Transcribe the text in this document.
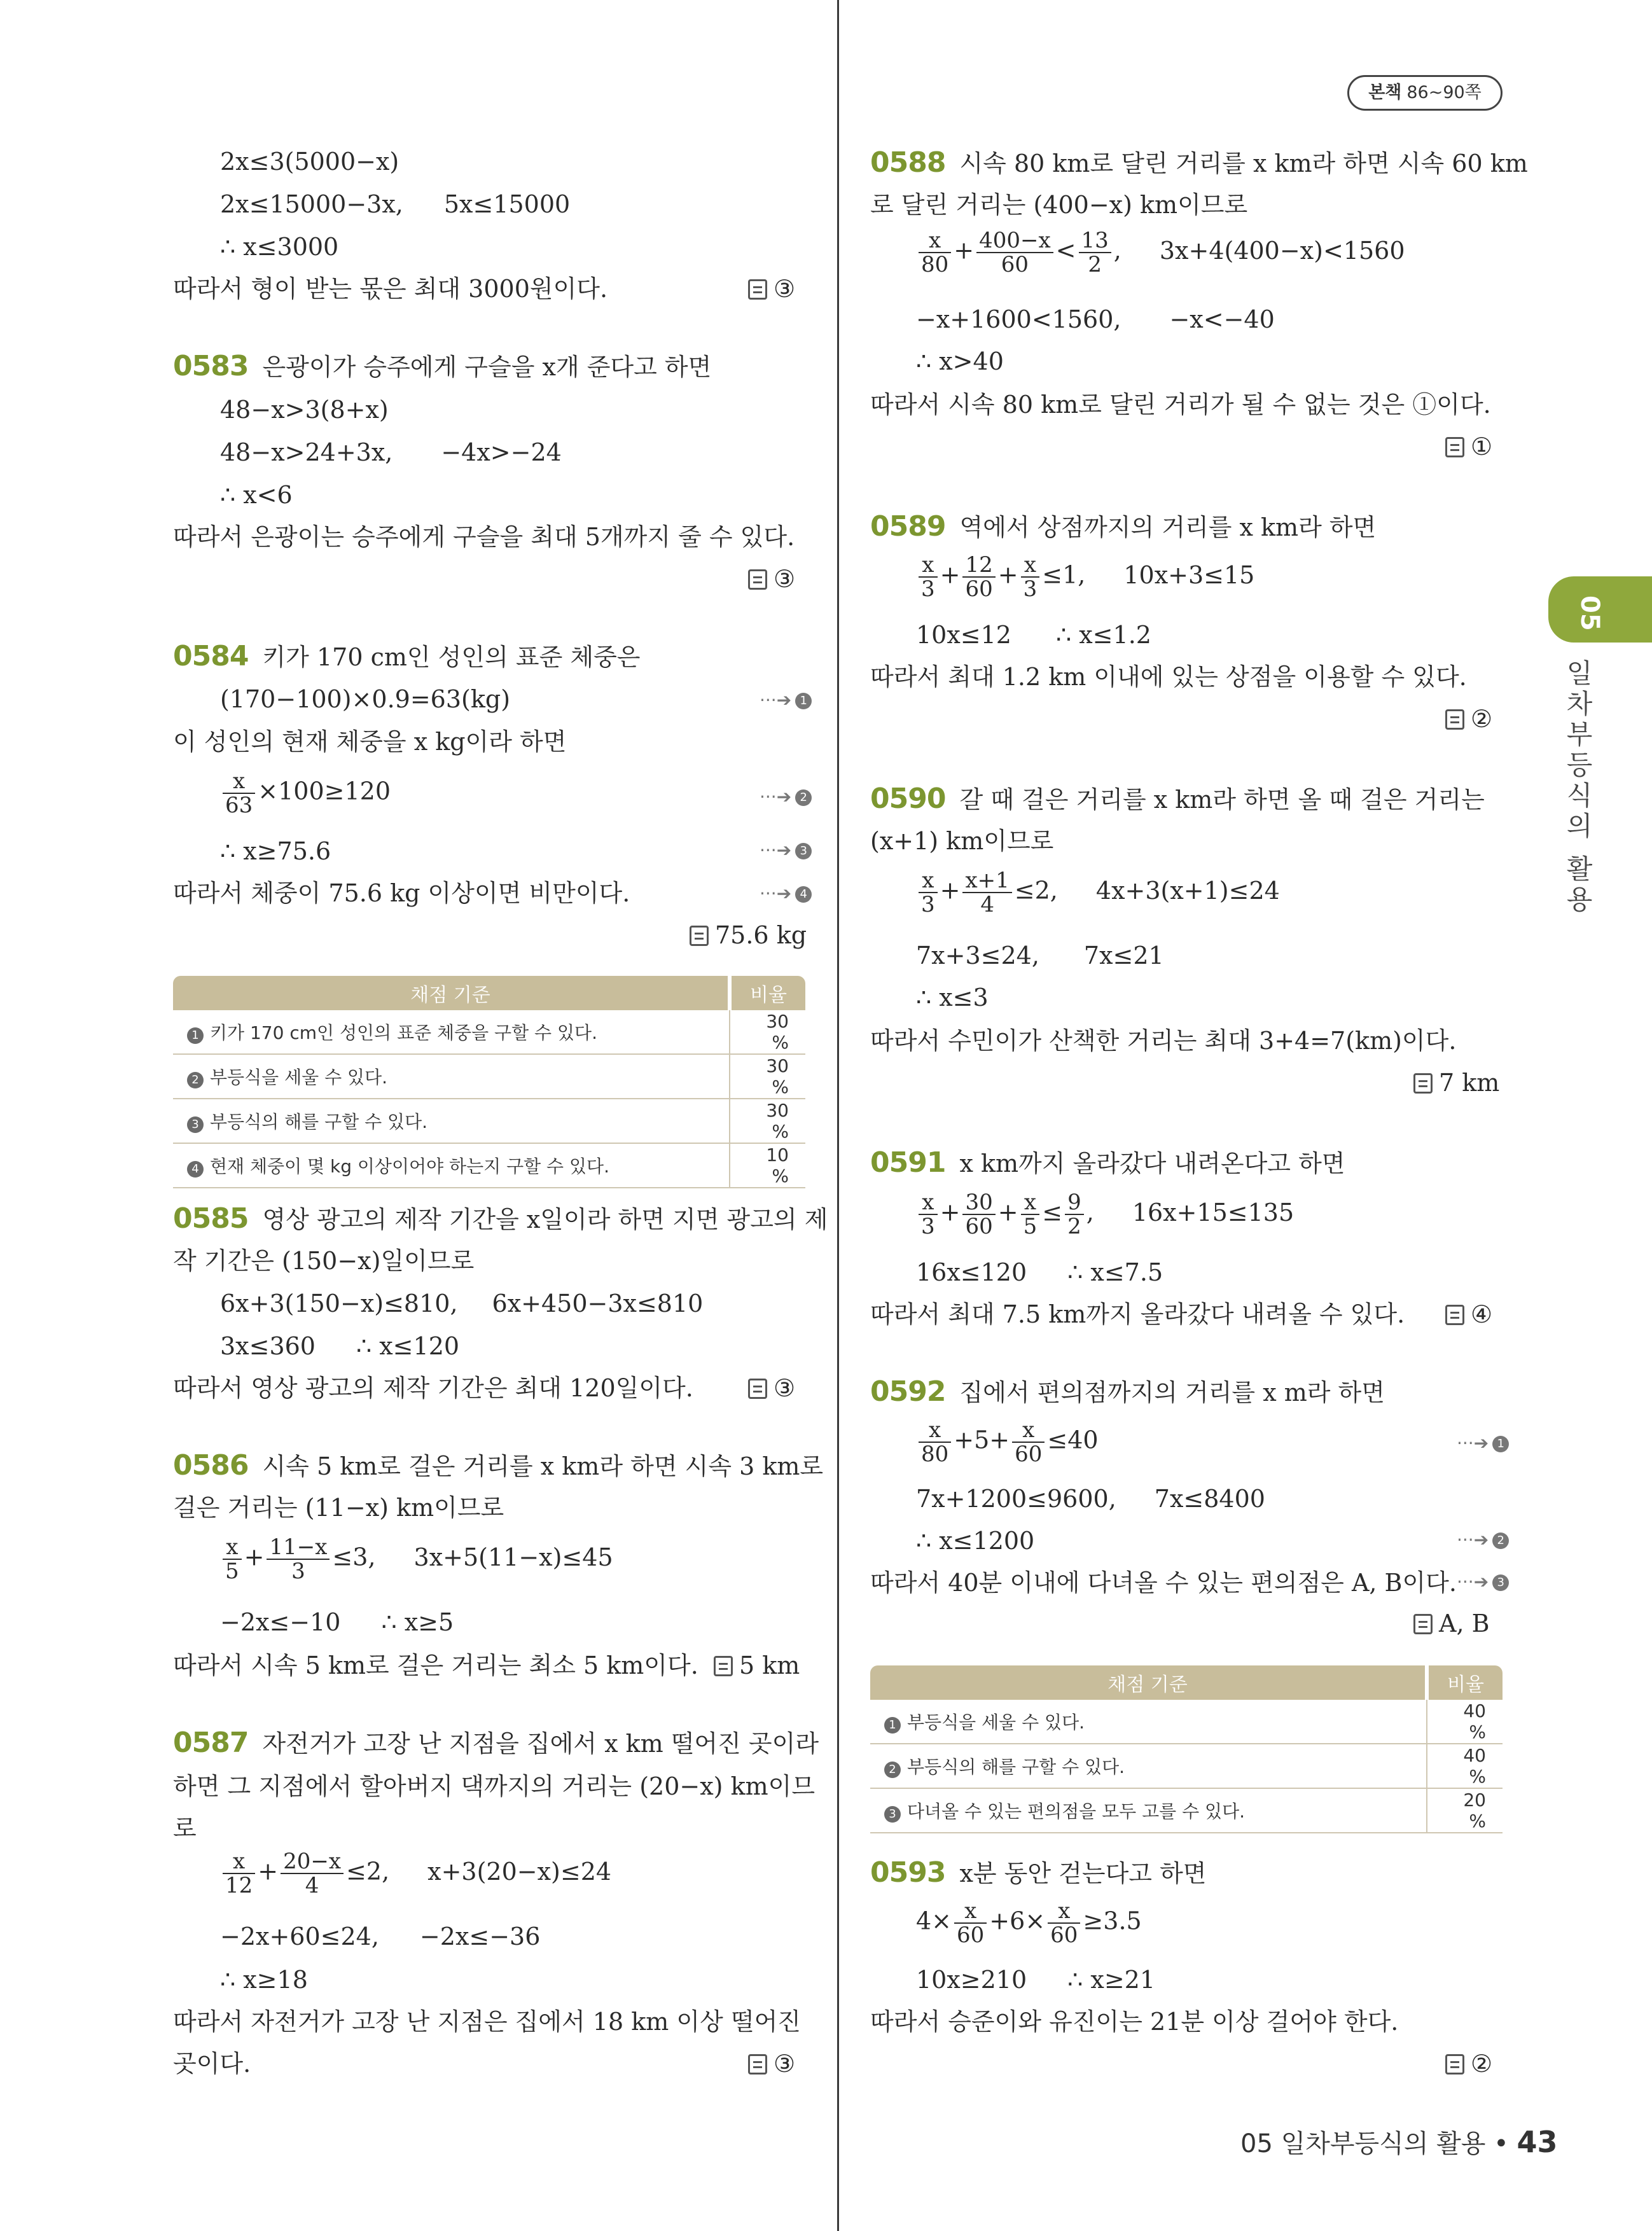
본책 86~90쪽
05
일차부등식의 활용
2x≤3(5000−x)
2x≤15000−3x, 5x≤15000
∴ x≤3000
따라서 형이 받는 몫은 최대 3000원이다.	③
0583 은광이가 승주에게 구슬을 x개 준다고 하면
48−x>3(8+x)
48−x>24+3x, −4x>−24
∴ x<6
따라서 은광이는 승주에게 구슬을 최대 5개까지 줄 수 있다.
③
0584 키가 170 cm인 성인의 표준 체중은
(170−100)×0.9=63(kg)	···➔ 1
이 성인의 현재 체중을 x kg이라 하면
$\frac{x}{63} \times 100\ge 120$	···➔ 2
∴ x≥75.6	···➔ 3
따라서 체중이 75.6 kg 이상이면 비만이다.	···➔ 4
75.6 kg
채점 기준	비율
1 키가 170 cm인 성인의 표준 체중을 구할 수 있다.	30 %
2 부등식을 세울 수 있다.	30 %
3 부등식의 해를 구할 수 있다.	30 %
4 현재 체중이 몇 kg 이상이어야 하는지 구할 수 있다.	10 %
0585 영상 광고의 제작 기간을 x일이라 하면 지면 광고의 제
작 기간은 (150−x)일이므로
6x+3(150−x)≤810, 6x+450−3x≤810
3x≤360 ∴ x≤120
따라서 영상 광고의 제작 기간은 최대 120일이다.	③
0586 시속 5 km로 걸은 거리를 x km라 하면 시속 3 km로
걸은 거리는 (11−x) km이므로
$\frac{x}{5} + \frac{11-x}{3} \le 3$, 3x+5(11−x)≤45
−2x≤−10 ∴ x≥5
따라서 시속 5 km로 걸은 거리는 최소 5 km이다.	5 km
0587 자전거가 고장 난 지점을 집에서 x km 떨어진 곳이라
하면 그 지점에서 할아버지 댁까지의 거리는 (20−x) km이므
로
$\frac{x}{12} + \frac{20-x}{4} \le 2$, x+3(20−x)≤24
−2x+60≤24, −2x≤−36
∴ x≥18
따라서 자전거가 고장 난 지점은 집에서 18 km 이상 떨어진
곳이다.	③
0588 시속 80 km로 달린 거리를 x km라 하면 시속 60 km
로 달린 거리는 (400−x) km이므로
$\frac{x}{80} + \frac{400-x}{60} < \frac{13}{2}$ , 3x+4(400−x)<1560
−x+1600<1560, −x<−40
∴ x>40
따라서 시속 80 km로 달린 거리가 될 수 없는 것은 ①이다.
①
0589 역에서 상점까지의 거리를 x km라 하면
$\frac{x}{3} + \frac{12}{60} + \frac{x}{3} \le 1$, 10x+3≤15
10x≤12 ∴ x≤1.2
따라서 최대 1.2 km 이내에 있는 상점을 이용할 수 있다.
②
0590 갈 때 걸은 거리를 x km라 하면 올 때 걸은 거리는
(x+1) km이므로
$\frac{x}{3} + \frac{x+1}{4} \le 2$, 4x+3(x+1)≤24
7x+3≤24, 7x≤21
∴ x≤3
따라서 수민이가 산책한 거리는 최대 3+4=7(km)이다.
7 km
0591 x km까지 올라갔다 내려온다고 하면
$\frac{x}{3} + \frac{30}{60} + \frac{x}{5} \le \frac{9}{2}$ , 16x+15≤135
16x≤120 ∴ x≤7.5
따라서 최대 7.5 km까지 올라갔다 내려올 수 있다.	④
0592 집에서 편의점까지의 거리를 x m라 하면
$\frac{x}{80} +5+ \frac{x}{60} \le 40$	···➔ 1
7x+1200≤9600, 7x≤8400
∴ x≤1200	···➔ 2
따라서 40분 이내에 다녀올 수 있는 편의점은 A, B이다. ···➔ 3
A, B
채점 기준	비율
1 부등식을 세울 수 있다.	40 %
2 부등식의 해를 구할 수 있다.	40 %
3 다녀올 수 있는 편의점을 모두 고를 수 있다.	20 %
0593 x분 동안 걷는다고 하면
$4\times \frac{x}{60} +6\times \frac{x}{60} \ge 3.5$
10x≥210 ∴ x≥21
따라서 승준이와 유진이는 21분 이상 걸어야 한다.
②
05 일차부등식의 활용 • 43
